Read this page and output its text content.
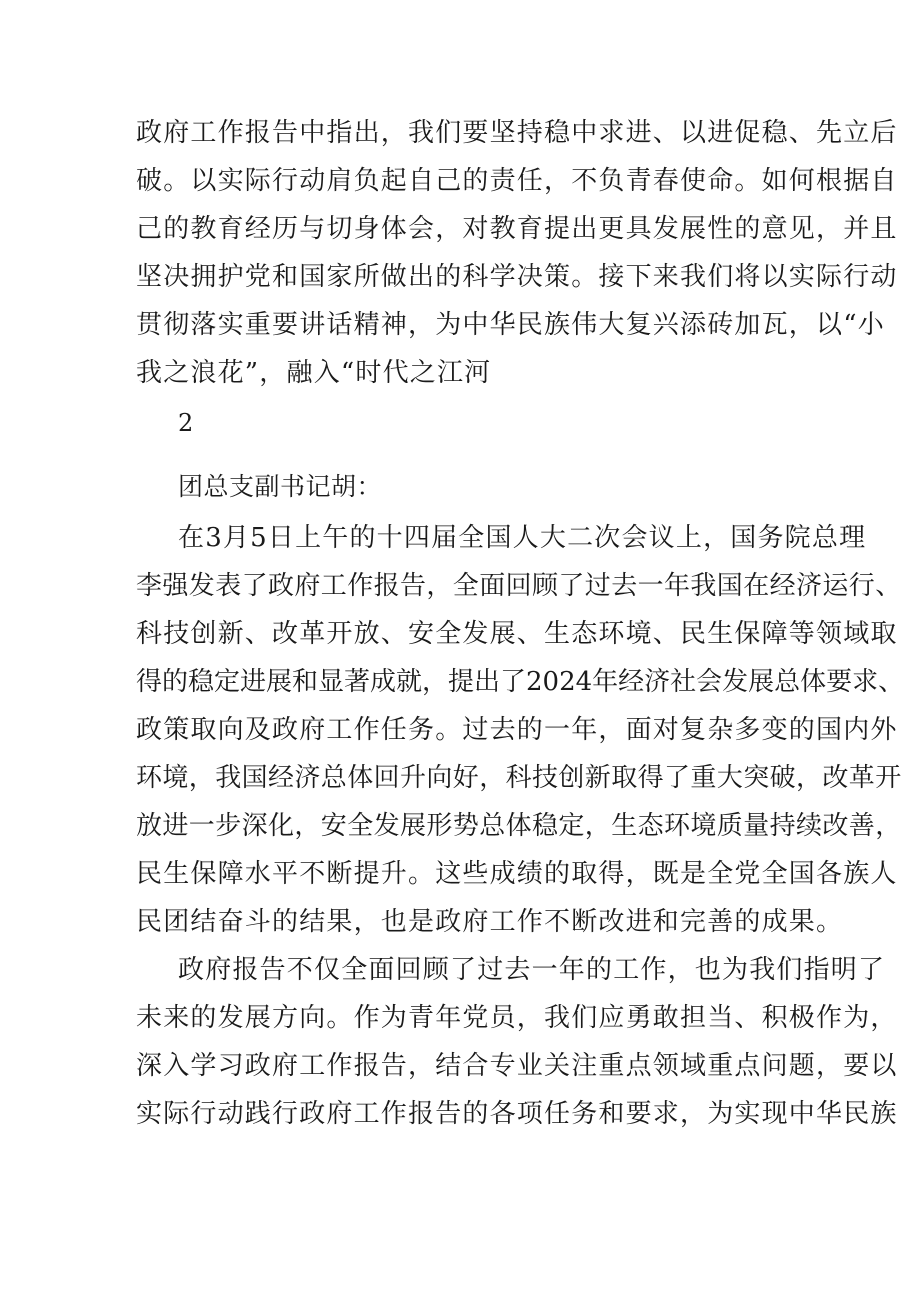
政府工作报告中指出，我们要坚持稳中求进、以进促稳、先立后
破。以实际行动肩负起自己的责任，不负青春使命。如何根据自
己的教育经历与切身体会，对教育提出更具发展性的意见，并且
坚决拥护党和国家所做出的科学决策。接下来我们将以实际行动
贯彻落实重要讲话精神，为中华民族伟大复兴添砖加瓦，以“小
我之浪花”，融入“时代之江河
2
团总支副书记胡：
在3月5日上午的十四届全国人大二次会议上，国务院总理
李强发表了政府工作报告，全面回顾了过去一年我国在经济运行、
科技创新、改革开放、安全发展、生态环境、民生保障等领域取
得的稳定进展和显著成就，提出了2024年经济社会发展总体要求、
政策取向及政府工作任务。过去的一年，面对复杂多变的国内外
环境，我国经济总体回升向好，科技创新取得了重大突破，改革开
放进一步深化，安全发展形势总体稳定，生态环境质量持续改善，
民生保障水平不断提升。这些成绩的取得，既是全党全国各族人
民团结奋斗的结果，也是政府工作不断改进和完善的成果。
政府报告不仅全面回顾了过去一年的工作，也为我们指明了
未来的发展方向。作为青年党员，我们应勇敢担当、积极作为，
深入学习政府工作报告，结合专业关注重点领域重点问题，要以
实际行动践行政府工作报告的各项任务和要求，为实现中华民族
